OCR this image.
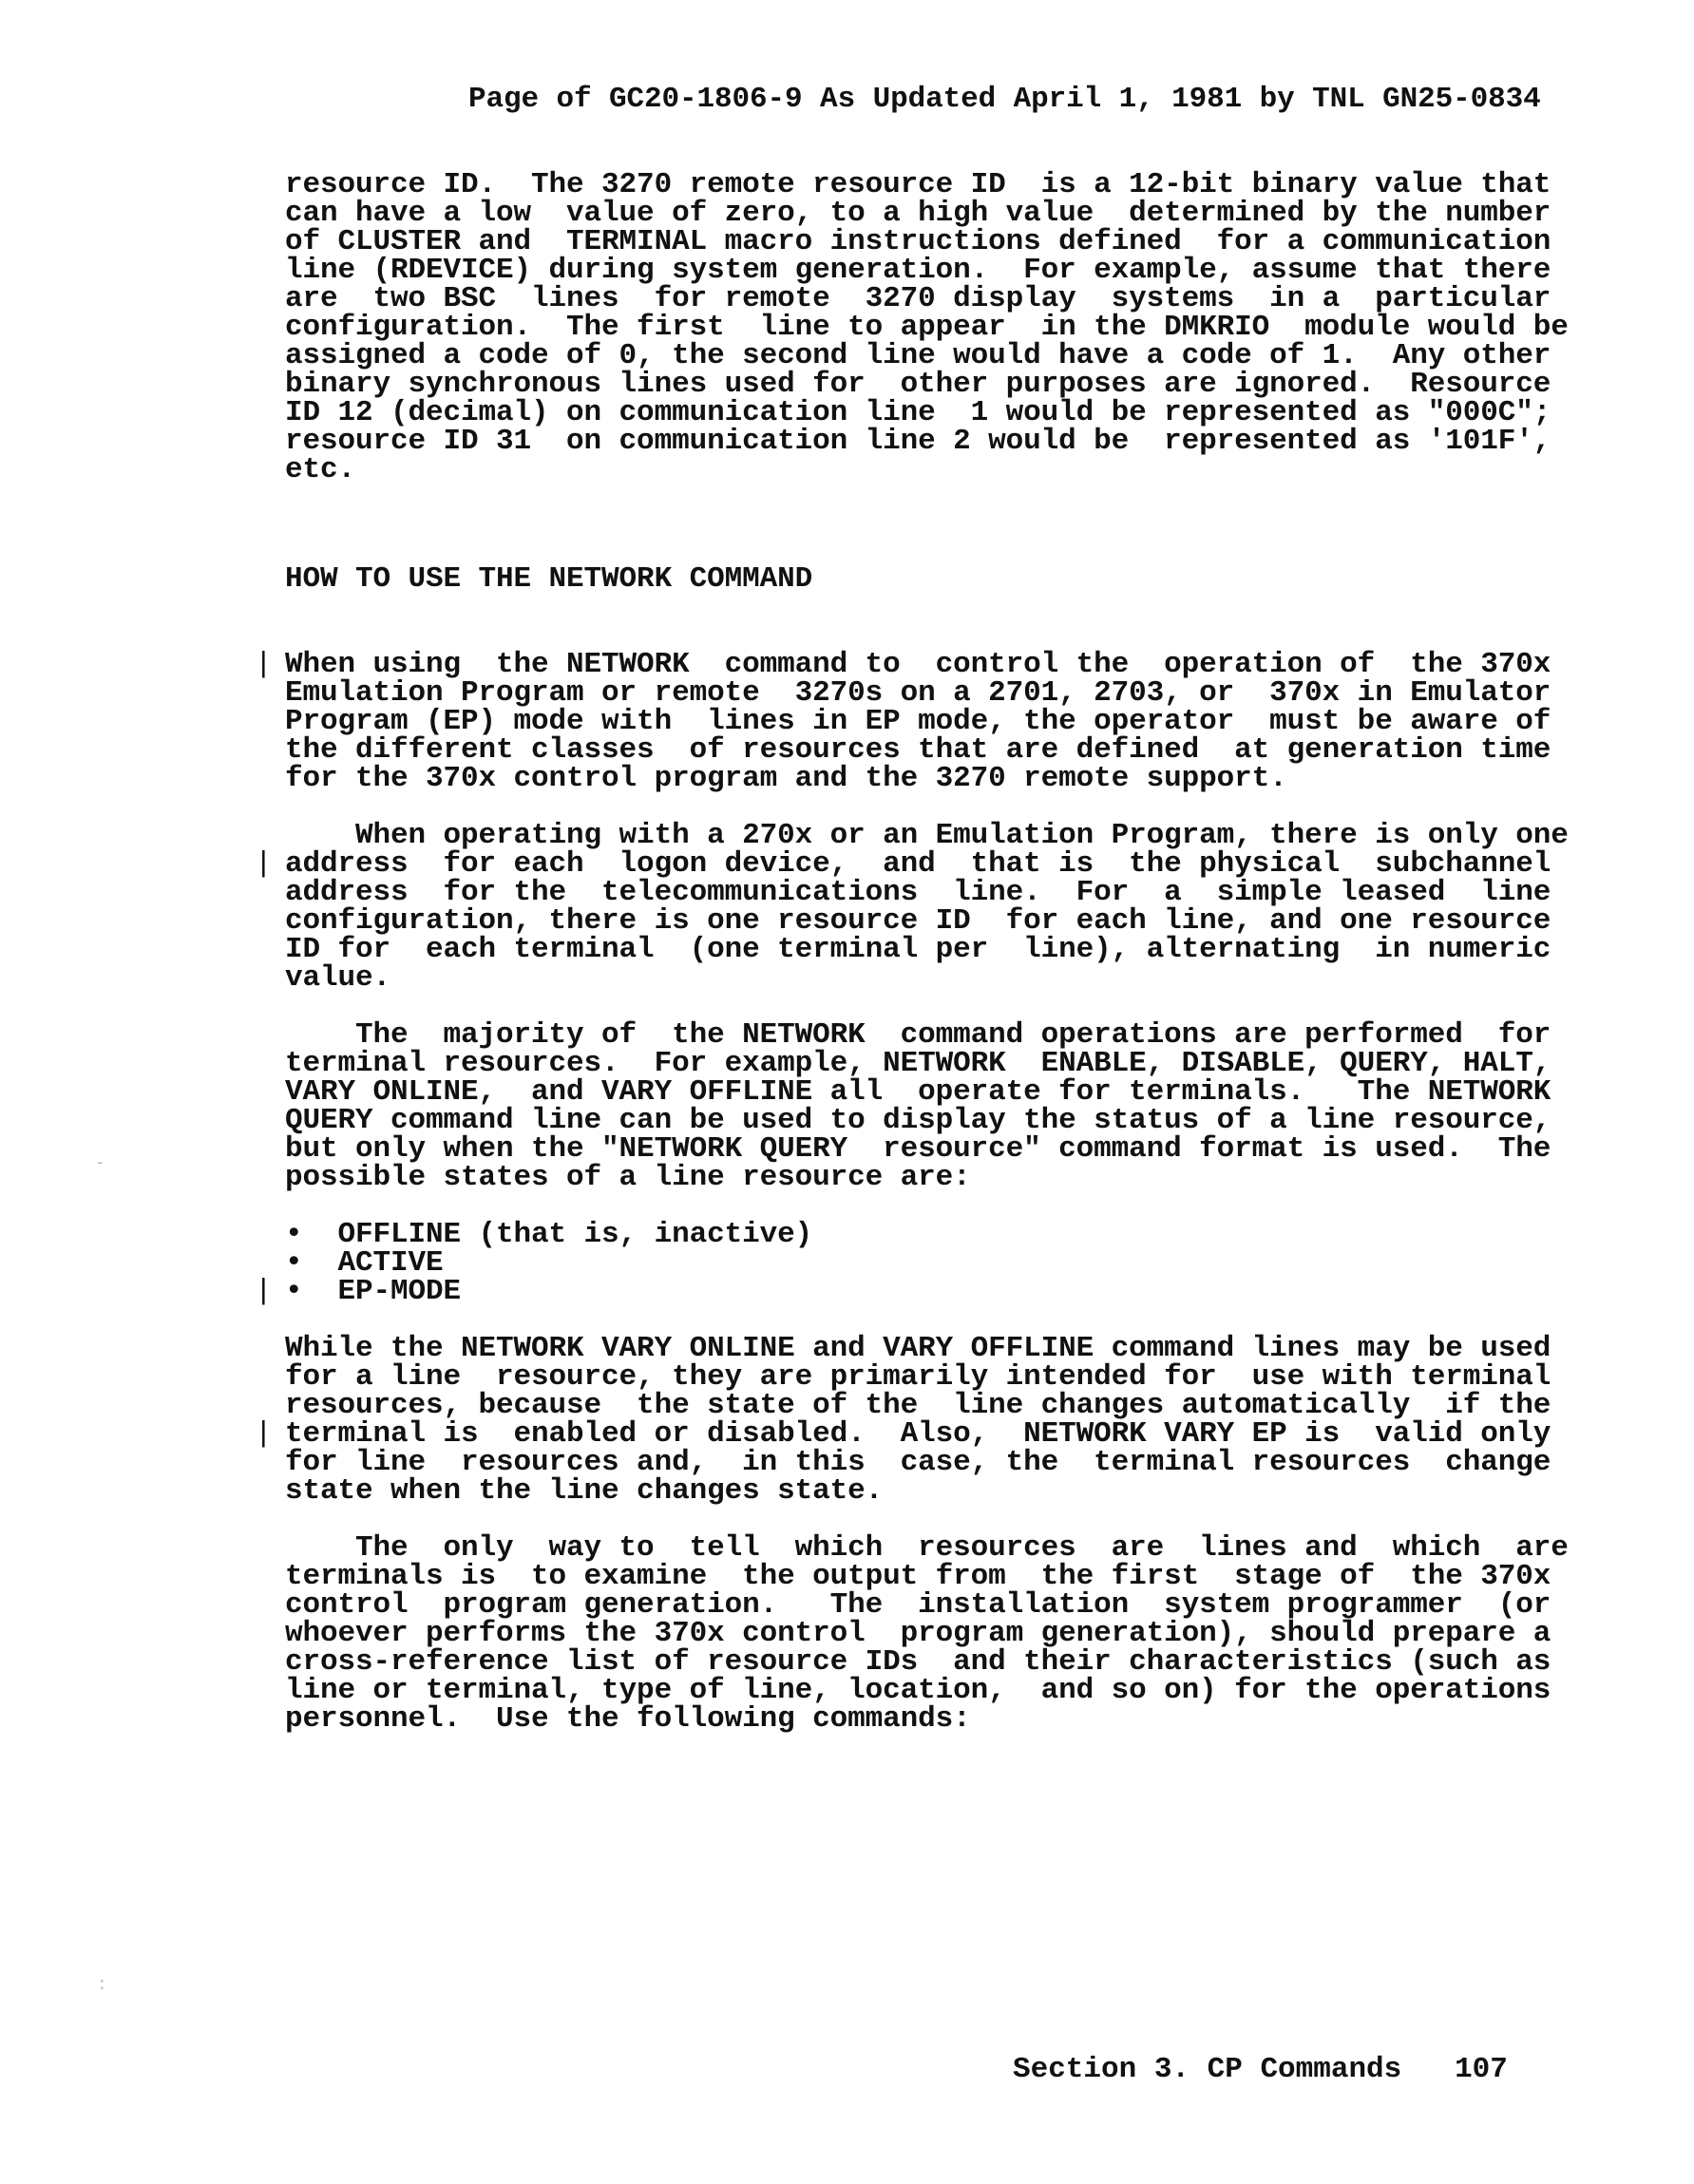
Page of GC20-1806-9 As Updated April 1, 1981 by TNL GN25-0834
resource ID.  The 3270 remote resource ID  is a 12-bit binary value that
can have a low  value of zero, to a high value  determined by the number
of CLUSTER and  TERMINAL macro instructions defined  for a communication
line (RDEVICE) during system generation.  For example, assume that there
are  two BSC  lines  for remote  3270 display  systems  in a  particular
configuration.  The first  line to appear  in the DMKRIO  module would be
assigned a code of 0, the second line would have a code of 1.  Any other
binary synchronous lines used for  other purposes are ignored.  Resource
ID 12 (decimal) on communication line  1 would be represented as "000C";
resource ID 31  on communication line 2 would be  represented as '101F',
etc.
HOW TO USE THE NETWORK COMMAND
| When using  the NETWORK  command to  control the  operation of  the 370x
Emulation Program or remote  3270s on a 2701, 2703, or  370x in Emulator
Program (EP) mode with  lines in EP mode, the operator  must be aware of
the different classes  of resources that are defined  at generation time
for the 370x control program and the 3270 remote support.
When operating with a 270x or an Emulation Program, there is only one
| address  for each  logon device,  and  that is  the physical  subchannel
address  for the  telecommunications  line.  For  a  simple leased  line
configuration, there is one resource ID  for each line, and one resource
ID for  each terminal  (one terminal per  line), alternating  in numeric
value.
The  majority of  the NETWORK  command operations are performed  for
terminal resources.  For example, NETWORK  ENABLE, DISABLE, QUERY, HALT,
VARY ONLINE,  and VARY OFFLINE all  operate for terminals.   The NETWORK
QUERY command line can be used to display the status of a line resource,
but only when the "NETWORK QUERY  resource" command format is used.  The
possible states of a line resource are:
•  OFFLINE (that is, inactive)
•  ACTIVE
| •  EP-MODE
While the NETWORK VARY ONLINE and VARY OFFLINE command lines may be used
for a line  resource, they are primarily intended for  use with terminal
resources, because  the state of the  line changes automatically  if the
| terminal is  enabled or disabled.  Also,  NETWORK VARY EP is  valid only
for line  resources and,  in this  case, the  terminal resources  change
state when the line changes state.
The  only  way to  tell  which  resources  are  lines and  which  are
terminals is  to examine  the output from  the first  stage of  the 370x
control  program generation.   The  installation  system programmer  (or
whoever performs the 370x control  program generation), should prepare a
cross-reference list of resource IDs  and their characteristics (such as
line or terminal, type of line, location,  and so on) for the operations
personnel.  Use the following commands:
-
:
Section 3. CP Commands   107
